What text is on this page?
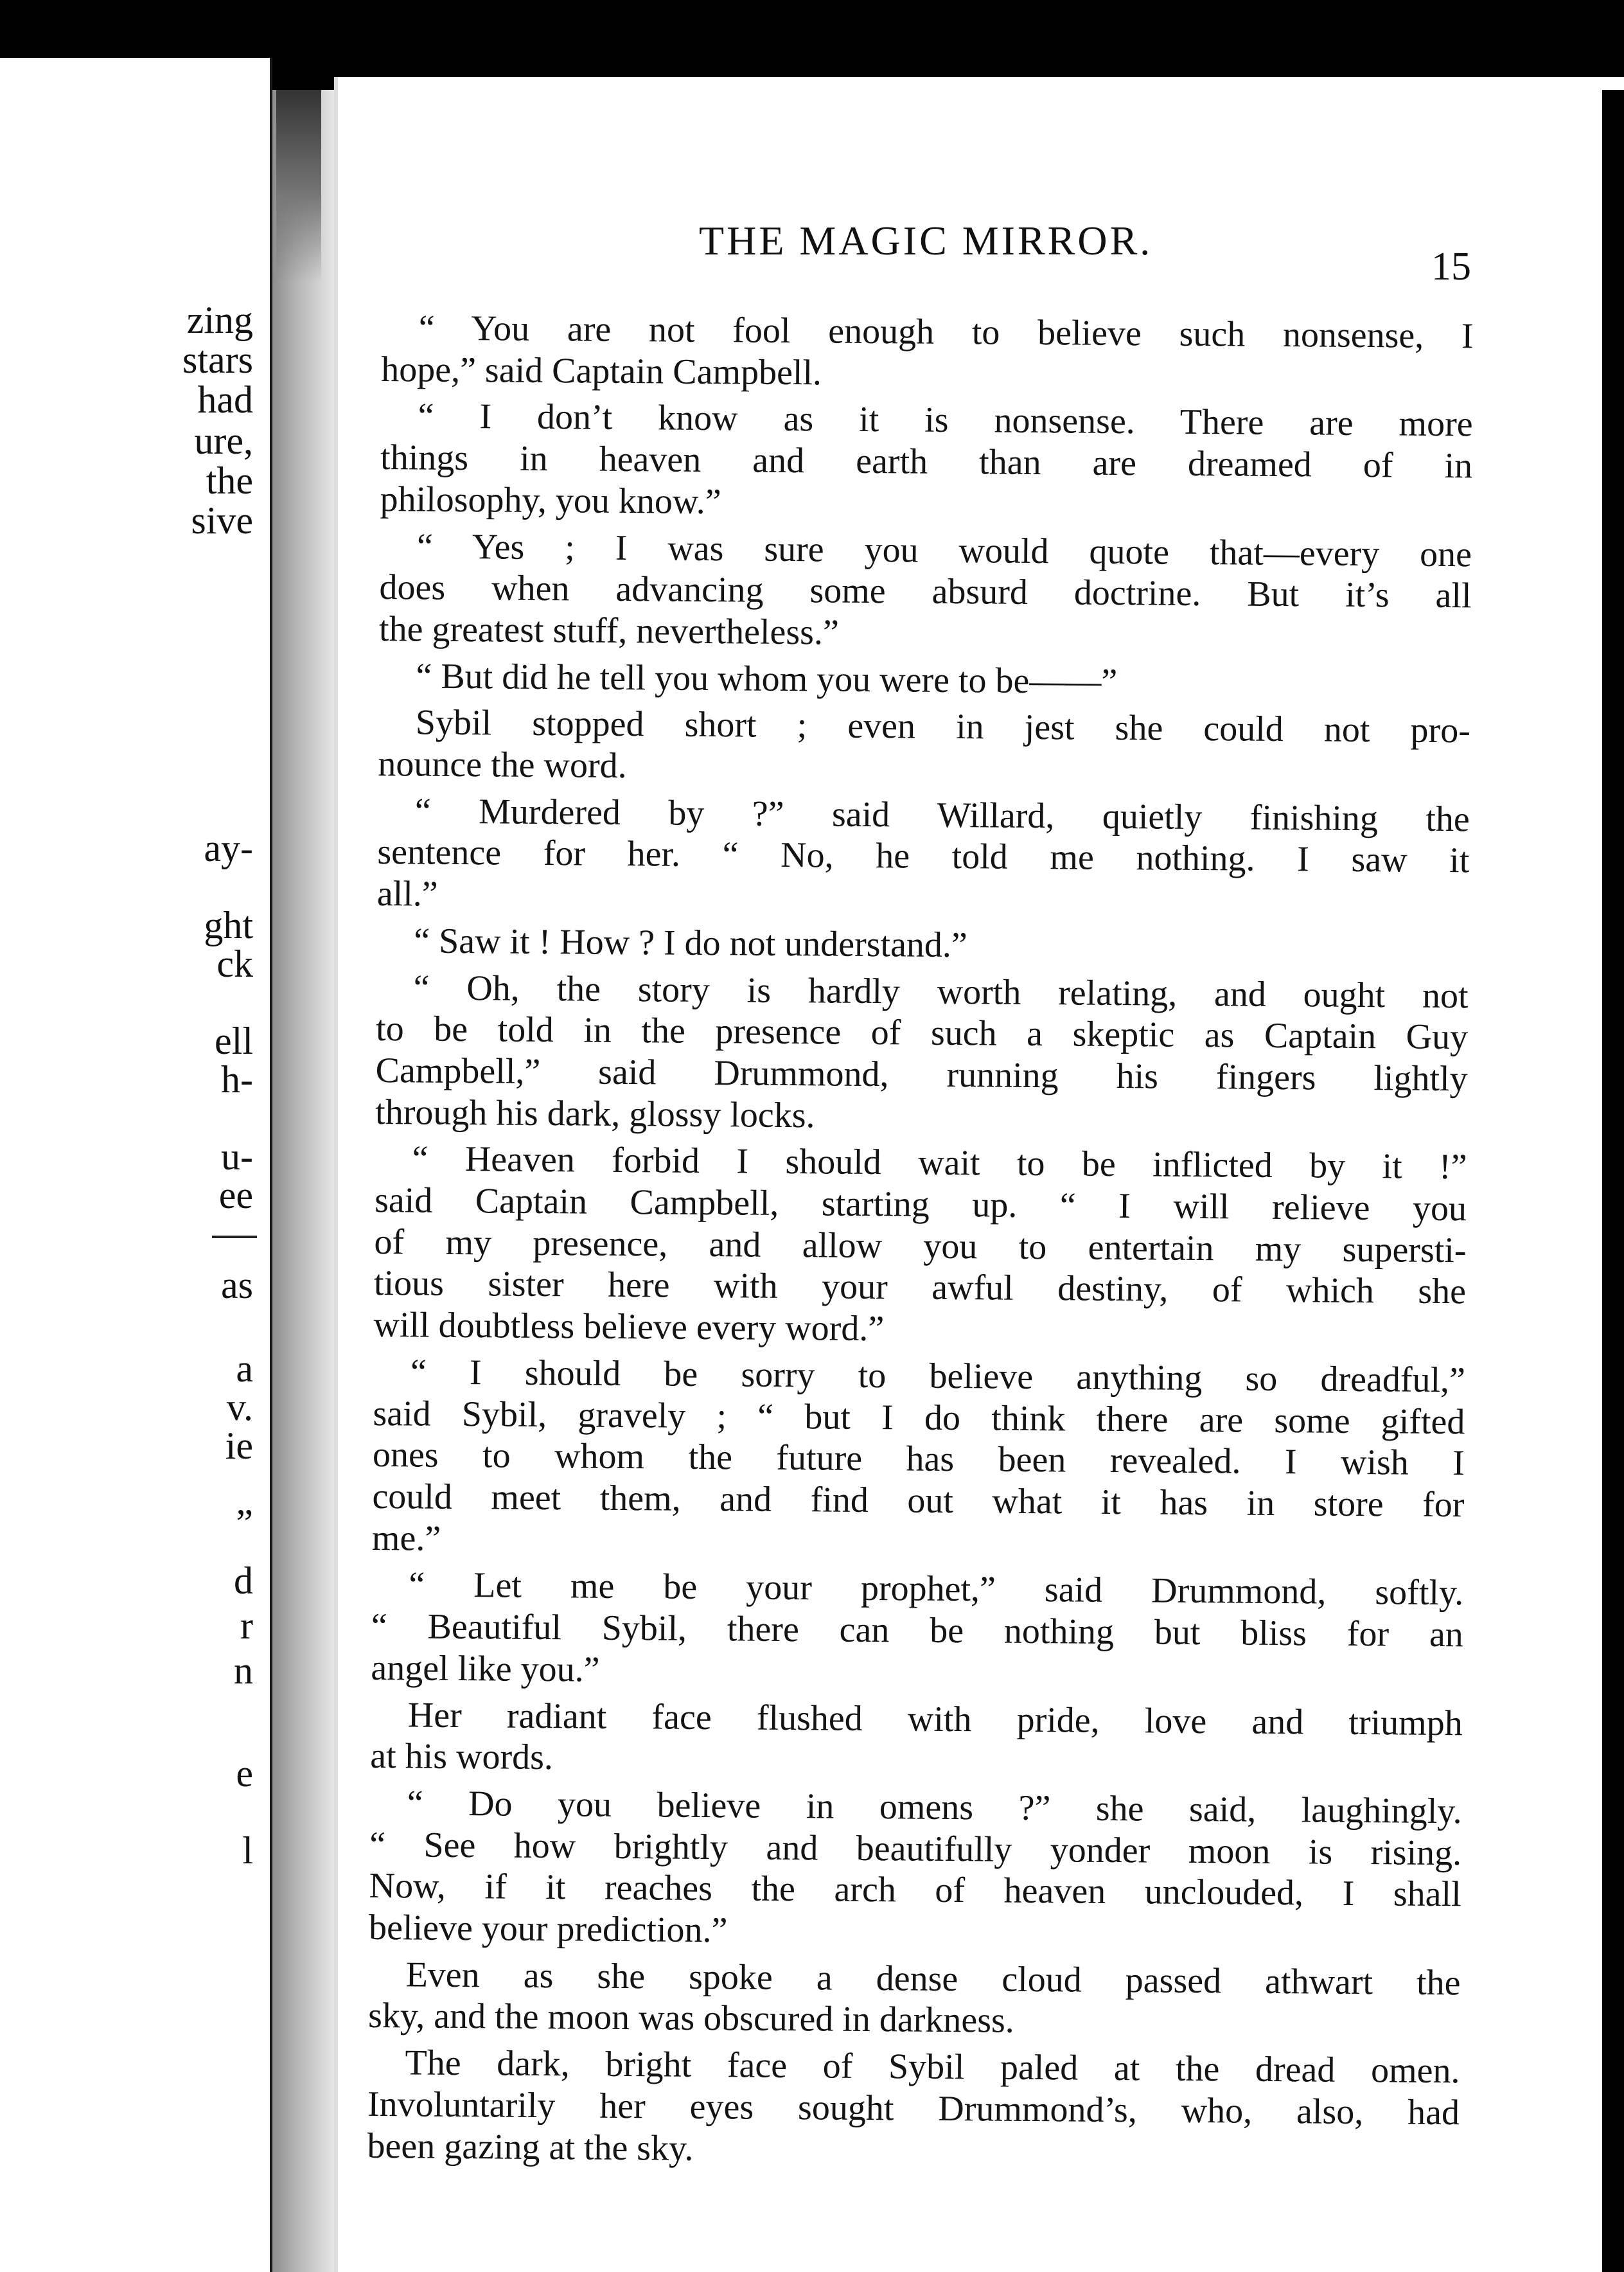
zing
stars
had
ure,
the
sive
ay-
ght
ck
ell
h-
u-
ee
as
a
v.
ie
”
d
r
n
e
l
THE MAGIC MIRROR.
15
“ You are not fool enough to believe such nonsense, I
hope,” said Captain Campbell.
“ I don’t know as it is nonsense. There are more
things in heaven and earth than are dreamed of in
philosophy, you know.”
“ Yes ; I was sure you would quote that—every one
does when advancing some absurd doctrine. But it’s all
the greatest stuff, nevertheless.”
“ But did he tell you whom you were to be——”
Sybil stopped short ; even in jest she could not pro-
nounce the word.
“ Murdered by ?” said Willard, quietly finishing the
sentence for her. “ No, he told me nothing. I saw it
all.”
“ Saw it ! How ? I do not understand.”
“ Oh, the story is hardly worth relating, and ought not
to be told in the presence of such a skeptic as Captain Guy
Campbell,” said Drummond, running his fingers lightly
through his dark, glossy locks.
“ Heaven forbid I should wait to be inflicted by it !”
said Captain Campbell, starting up. “ I will relieve you
of my presence, and allow you to entertain my supersti-
tious sister here with your awful destiny, of which she
will doubtless believe every word.”
“ I should be sorry to believe anything so dreadful,”
said Sybil, gravely ; “ but I do think there are some gifted
ones to whom the future has been revealed. I wish I
could meet them, and find out what it has in store for
me.”
“ Let me be your prophet,” said Drummond, softly.
“ Beautiful Sybil, there can be nothing but bliss for an
angel like you.”
Her radiant face flushed with pride, love and triumph
at his words.
“ Do you believe in omens ?” she said, laughingly.
“ See how brightly and beautifully yonder moon is rising.
Now, if it reaches the arch of heaven unclouded, I shall
believe your prediction.”
Even as she spoke a dense cloud passed athwart the
sky, and the moon was obscured in darkness.
The dark, bright face of Sybil paled at the dread omen.
Involuntarily her eyes sought Drummond’s, who, also, had
been gazing at the sky.
